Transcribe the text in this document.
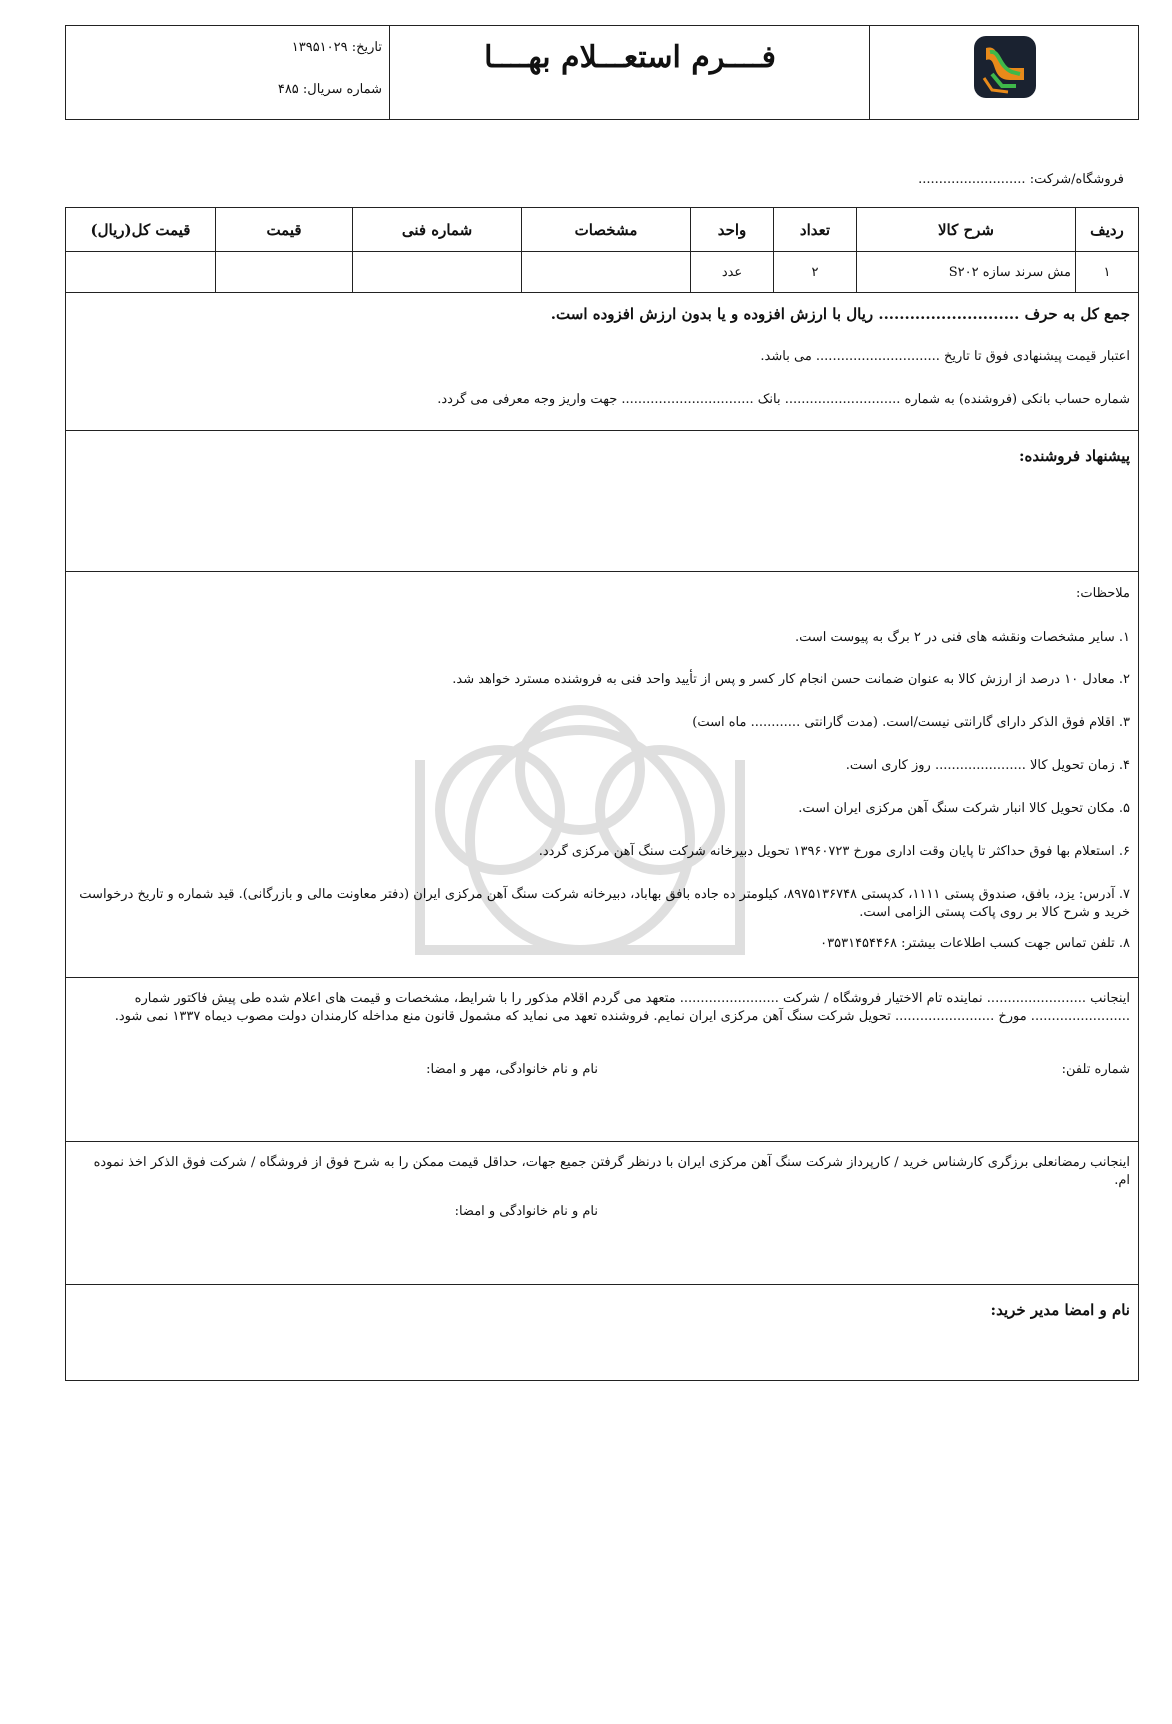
فــــرم استعـــلام بهــــا
تاریخ: ۱۳۹۵۱۰۲۹
شماره سریال: ۴۸۵
فروشگاه/شرکت: ..........................
ردیف	شرح کالا	تعداد	واحد	مشخصات	شماره فنی	قیمت	قیمت کل(ریال)
۱	مش سرند سازه S۲۰۲	۲	عدد				
جمع کل به حرف ........................... ریال با ارزش افزوده و یا بدون ارزش افزوده است.
اعتبار قیمت پیشنهادی فوق تا تاریخ .............................. می باشد.
شماره حساب بانکی (فروشنده) به شماره ............................ بانک ................................ جهت واریز وجه معرفی می گردد.
پیشنهاد فروشنده:
ملاحظات:
۱. سایر مشخصات ونقشه های فنی در ۲ برگ به پیوست است.
۲. معادل ۱۰ درصد از ارزش کالا به عنوان ضمانت حسن انجام کار کسر و پس از تأیید واحد فنی به فروشنده مسترد خواهد شد.
۳. اقلام فوق الذکر دارای گارانتی نیست/است. (مدت گارانتی ............ ماه است)
۴. زمان تحویل کالا ...................... روز کاری است.
۵. مکان تحویل کالا انبار شرکت سنگ آهن مرکزی ایران است.
۶. استعلام بها فوق حداکثر تا پایان وقت اداری مورخ ۱۳۹۶۰۷۲۳ تحویل دبیرخانه شرکت سنگ آهن مرکزی گردد.
۷. آدرس: یزد، بافق، صندوق پستی ۱۱۱۱، کدپستی ۸۹۷۵۱۳۶۷۴۸، کیلومتر ده جاده بافق بهاباد، دبیرخانه شرکت سنگ آهن مرکزی ایران (دفتر معاونت مالی و بازرگانی). قید شماره و تاریخ درخواست خرید و شرح کالا بر روی پاکت پستی الزامی است.
۸. تلفن تماس جهت کسب اطلاعات بیشتر: ۰۳۵۳۱۴۵۴۴۶۸
اینجانب ........................ نماینده تام الاختیار فروشگاه / شرکت ........................ متعهد می گردم اقلام مذکور را با شرایط، مشخصات و قیمت های اعلام شده طی پیش فاکتور شماره ........................ مورخ ........................ تحویل شرکت سنگ آهن مرکزی ایران نمایم. فروشنده تعهد می نماید که مشمول قانون منع مداخله کارمندان دولت مصوب دیماه ۱۳۳۷ نمی شود.
شماره تلفن:
نام و نام خانوادگی، مهر و امضا:
اینجانب رمضانعلی برزگری کارشناس خرید / کارپرداز شرکت سنگ آهن مرکزی ایران با درنظر گرفتن جمیع جهات، حداقل قیمت ممکن را به شرح فوق از فروشگاه / شرکت فوق الذکر اخذ نموده ام.
نام و نام خانوادگی و امضا:
نام و امضا مدیر خرید:
